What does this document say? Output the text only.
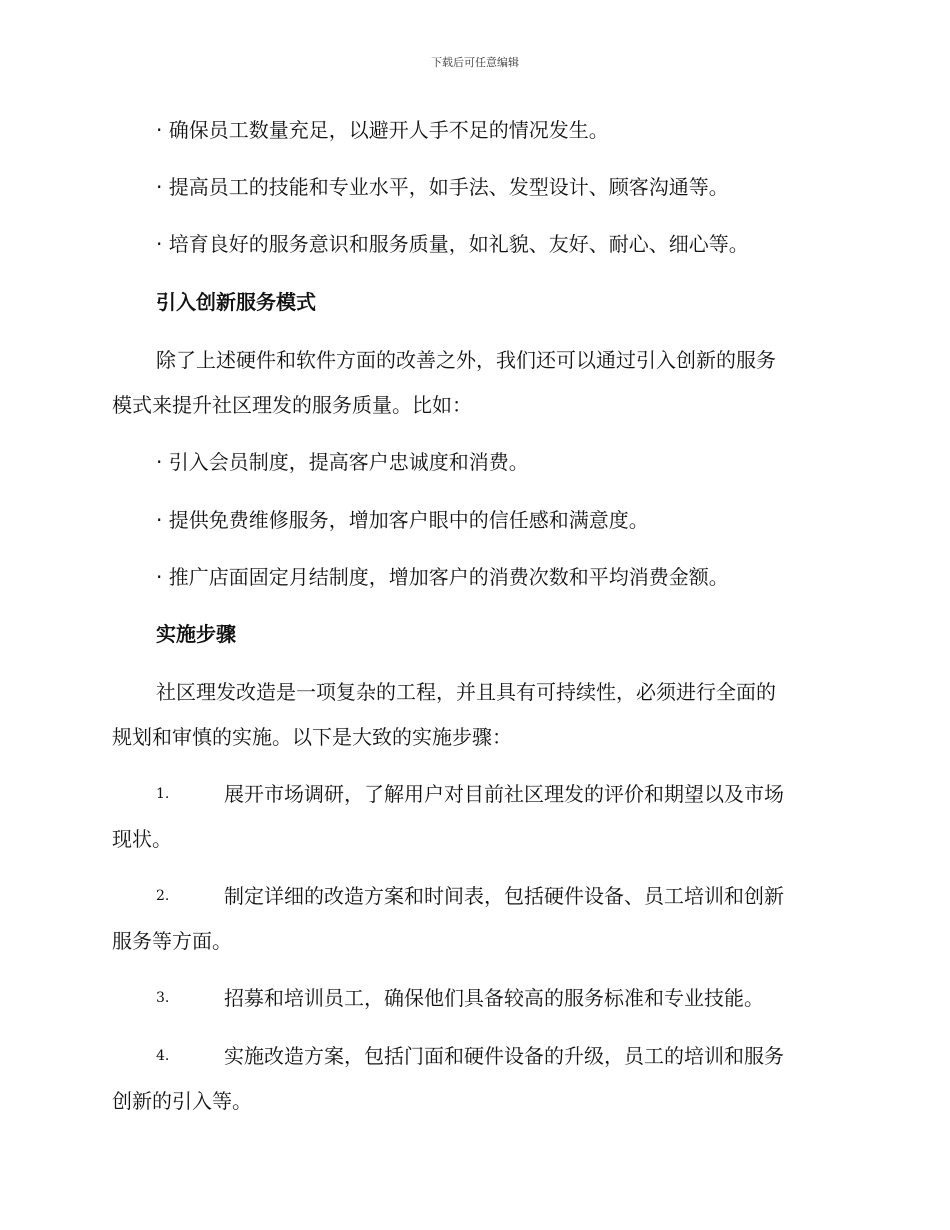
下载后可任意编辑
· 确保员工数量充足，以避开人手不足的情况发生。
· 提高员工的技能和专业水平，如手法、发型设计、顾客沟通等。
· 培育良好的服务意识和服务质量，如礼貌、友好、耐心、细心等。
引入创新服务模式
除了上述硬件和软件方面的改善之外，我们还可以通过引入创新的服务
模式来提升社区理发的服务质量。比如：
· 引入会员制度，提高客户忠诚度和消费。
· 提供免费维修服务，增加客户眼中的信任感和满意度。
· 推广店面固定月结制度，增加客户的消费次数和平均消费金额。
实施步骤
社区理发改造是一项复杂的工程，并且具有可持续性，必须进行全面的
规划和审慎的实施。以下是大致的实施步骤：
1.	展开市场调研，了解用户对目前社区理发的评价和期望以及市场
现状。
2.	制定详细的改造方案和时间表，包括硬件设备、员工培训和创新
服务等方面。
3.	招募和培训员工，确保他们具备较高的服务标准和专业技能。
4.	实施改造方案，包括门面和硬件设备的升级，员工的培训和服务
创新的引入等。
